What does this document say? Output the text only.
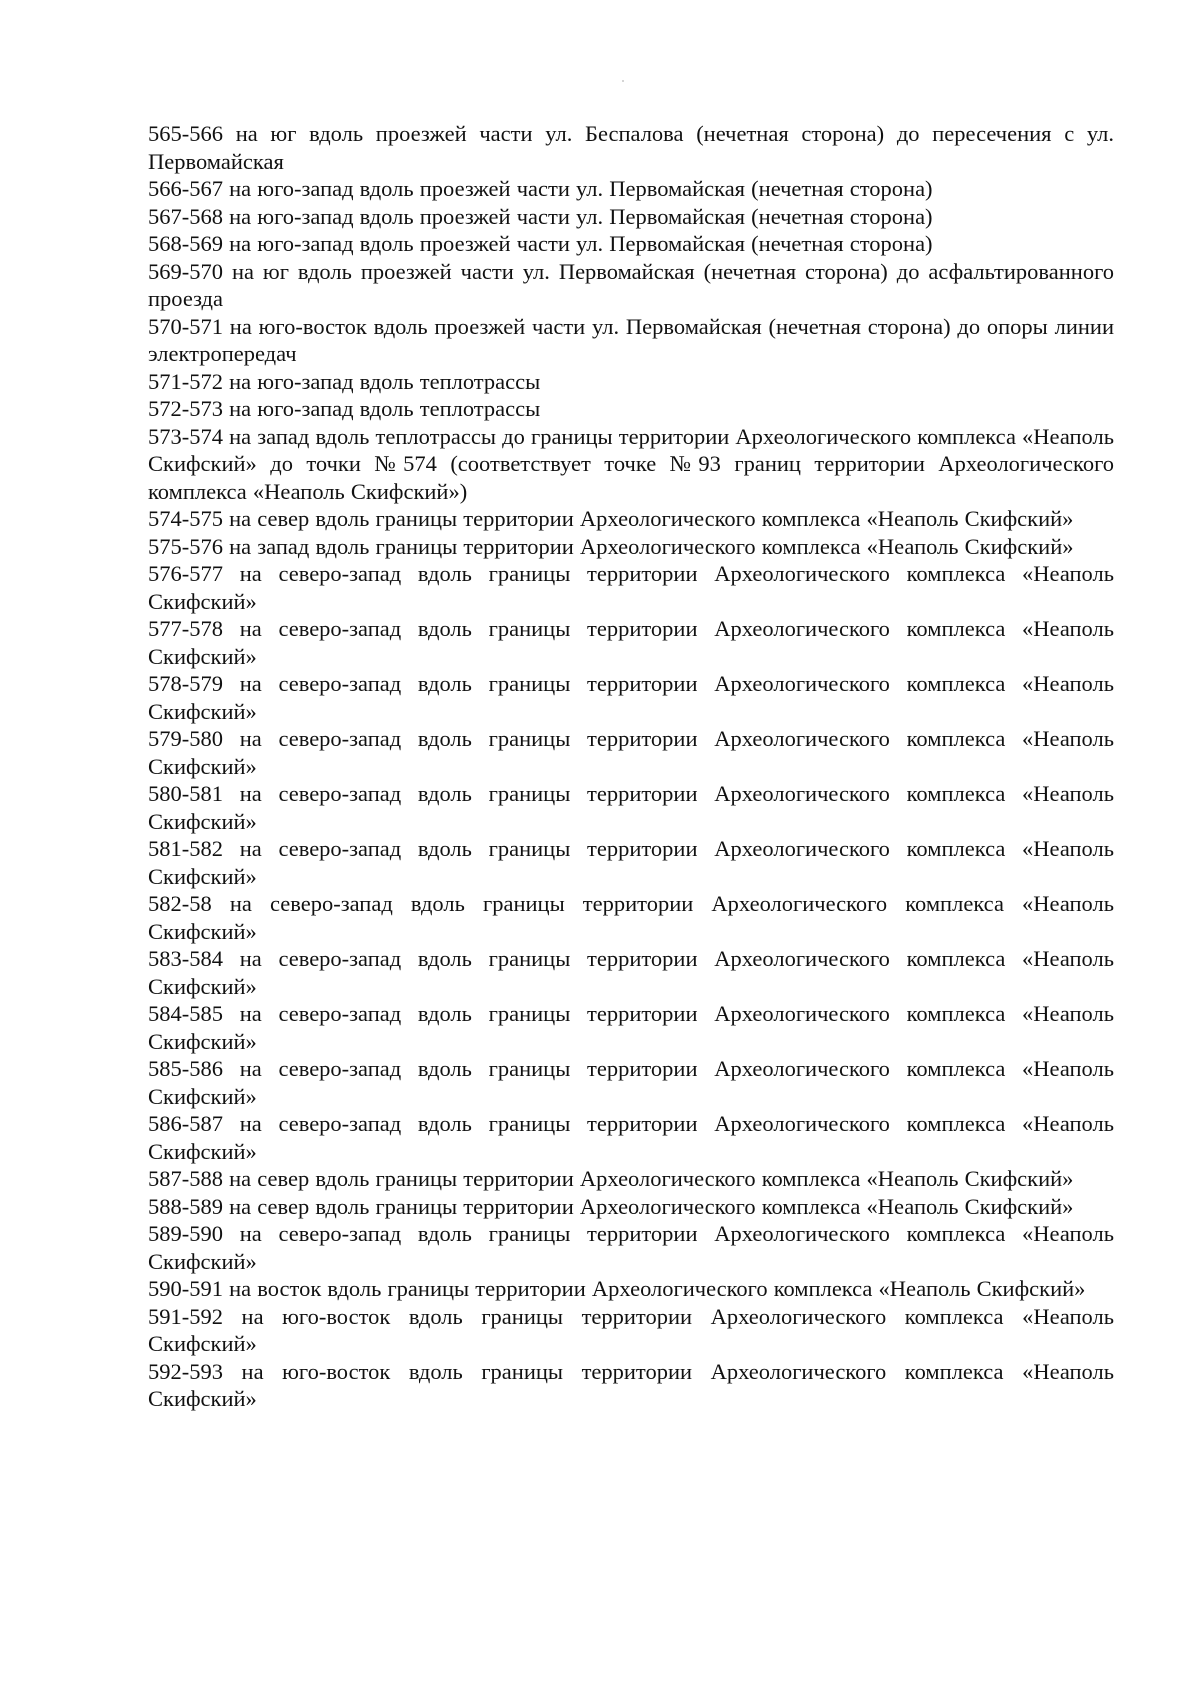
565-566 на юг вдоль проезжей части ул. Беспалова (нечетная сторона) до пересечения с ул. Первомайская

566-567 на юго-запад вдоль проезжей части ул. Первомайская (нечетная сторона)

567-568 на юго-запад вдоль проезжей части ул. Первомайская (нечетная сторона)

568-569 на юго-запад вдоль проезжей части ул. Первомайская (нечетная сторона)

569-570 на юг вдоль проезжей части ул. Первомайская (нечетная сторона) до асфальтированного проезда

570-571 на юго-восток вдоль проезжей части ул. Первомайская (нечетная сторона) до опоры линии электропередач

571-572 на юго-запад вдоль теплотрассы

572-573 на юго-запад вдоль теплотрассы

573-574 на запад вдоль теплотрассы до границы территории Археологического комплекса «Неаполь Скифский» до точки №574 (соответствует точке №93 границ территории Археологического комплекса «Неаполь Скифский»)

574-575 на север вдоль границы территории Археологического комплекса «Неаполь Скифский»

575-576 на запад вдоль границы территории Археологического комплекса «Неаполь Скифский»

576-577 на северо-запад вдоль границы территории Археологического комплекса «Неаполь Скифский»

577-578 на северо-запад вдоль границы территории Археологического комплекса «Неаполь Скифский»

578-579 на северо-запад вдоль границы территории Археологического комплекса «Неаполь Скифский»

579-580 на северо-запад вдоль границы территории Археологического комплекса «Неаполь Скифский»

580-581 на северо-запад вдоль границы территории Археологического комплекса «Неаполь Скифский»

581-582 на северо-запад вдоль границы территории Археологического комплекса «Неаполь Скифский»

582-58 на северо-запад вдоль границы территории Археологического комплекса «Неаполь Скифский»

583-584 на северо-запад вдоль границы территории Археологического комплекса «Неаполь Скифский»

584-585 на северо-запад вдоль границы территории Археологического комплекса «Неаполь Скифский»

585-586 на северо-запад вдоль границы территории Археологического комплекса «Неаполь Скифский»

586-587 на северо-запад вдоль границы территории Археологического комплекса «Неаполь Скифский»

587-588 на север вдоль границы территории Археологического комплекса «Неаполь Скифский»

588-589 на север вдоль границы территории Археологического комплекса «Неаполь Скифский»

589-590 на северо-запад вдоль границы территории Археологического комплекса «Неаполь Скифский»

590-591 на восток вдоль границы территории Археологического комплекса «Неаполь Скифский»

591-592 на юго-восток вдоль границы территории Археологического комплекса «Неаполь Скифский»

592-593 на юго-восток вдоль границы территории Археологического комплекса «Неаполь Скифский»
